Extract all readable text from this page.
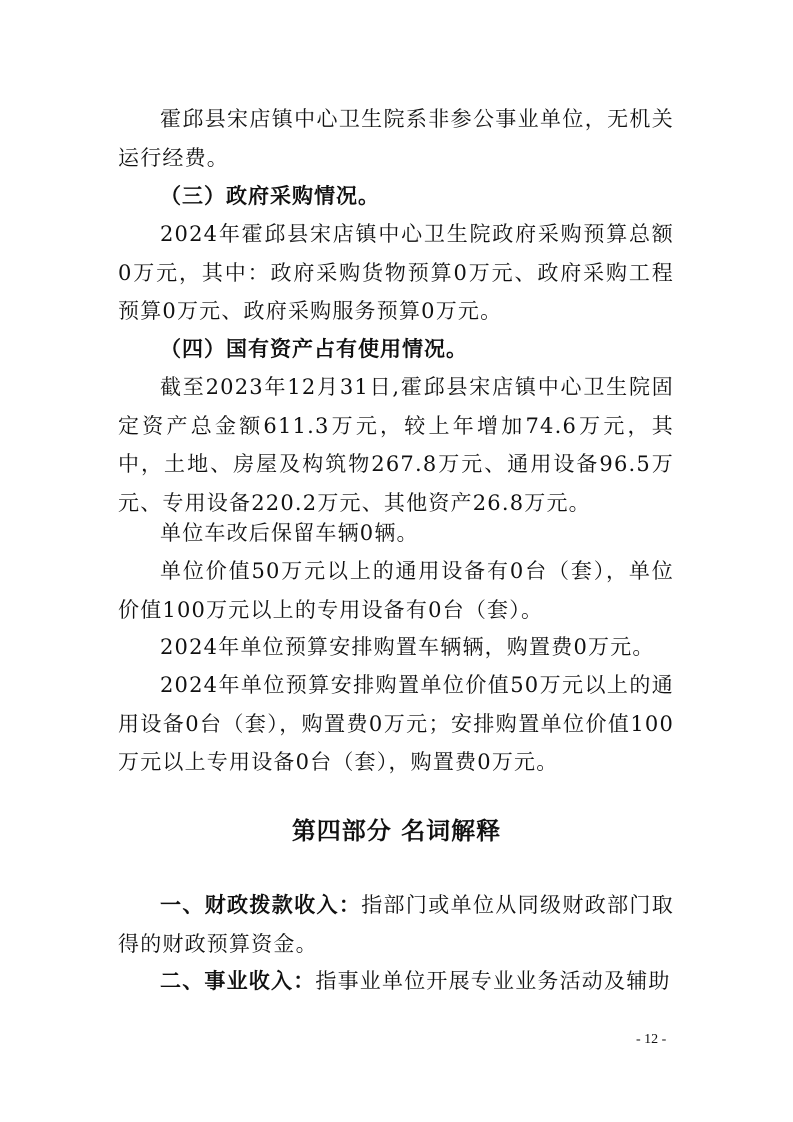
霍邱县宋店镇中心卫生院系非参公事业单位，无机关运行经费。

（三）政府采购情况。

2024年霍邱县宋店镇中心卫生院政府采购预算总额0万元，其中：政府采购货物预算0万元、政府采购工程预算0万元、政府采购服务预算0万元。

（四）国有资产占有使用情况。

截至2023年12月31日,霍邱县宋店镇中心卫生院固定资产总金额611.3万元，较上年增加74.6万元，其中，土地、房屋及构筑物267.8万元、通用设备96.5万元、专用设备220.2万元、其他资产26.8万元。

单位车改后保留车辆0辆。

单位价值50万元以上的通用设备有0台（套），单位价值100万元以上的专用设备有0台（套）。

2024年单位预算安排购置车辆辆，购置费0万元。

2024年单位预算安排购置单位价值50万元以上的通用设备0台（套），购置费0万元；安排购置单位价值100万元以上专用设备0台（套），购置费0万元。

第四部分 名词解释

一、财政拨款收入：指部门或单位从同级财政部门取得的财政预算资金。

二、事业收入：指事业单位开展专业业务活动及辅助

- 12 -
